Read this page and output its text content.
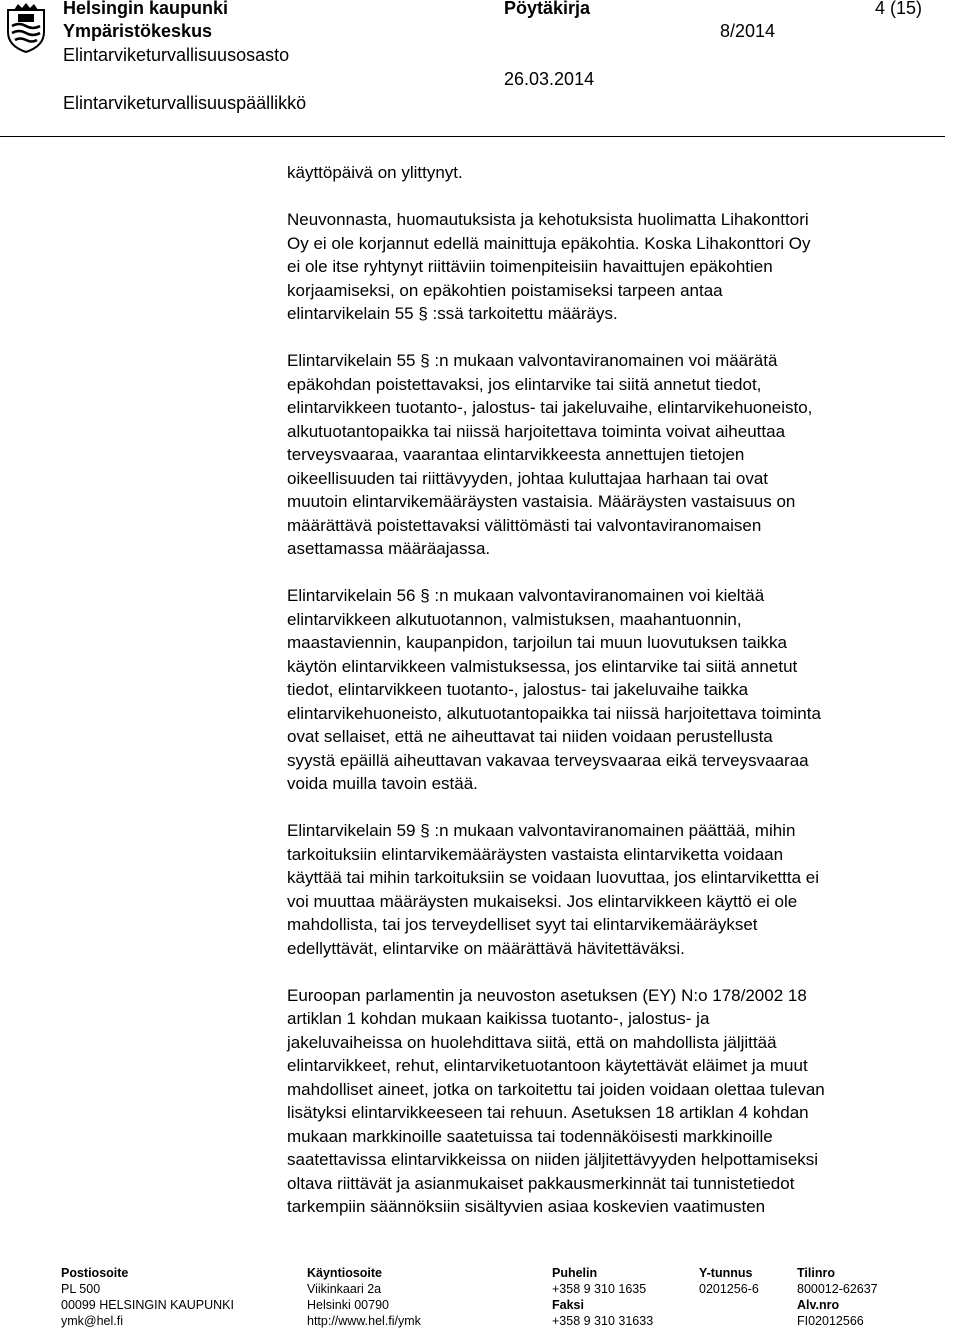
Helsingin kaupunki
Ympäristökeskus
Elintarviketurvallisuusosasto
Elintarviketurvallisuuspäällikkö
Pöytäkirja
8/2014
26.03.2014
4 (15)

käyttöpäivä on ylittynyt.

Neuvonnasta, huomautuksista ja kehotuksista huolimatta Lihakonttori
Oy ei ole korjannut edellä mainittuja epäkohtia. Koska Lihakonttori Oy
ei ole itse ryhtynyt riittäviin toimenpiteisiin havaittujen epäkohtien
korjaamiseksi, on epäkohtien poistamiseksi tarpeen antaa
elintarvikelain 55 § :ssä tarkoitettu määräys.

Elintarvikelain 55 § :n mukaan valvontaviranomainen voi määrätä
epäkohdan poistettavaksi, jos elintarvike tai siitä annetut tiedot,
elintarvikkeen tuotanto-, jalostus- tai jakeluvaihe, elintarvikehuoneisto,
alkutuotantopaikka tai niissä harjoitettava toiminta voivat aiheuttaa
terveysvaaraa, vaarantaa elintarvikkeesta annettujen tietojen
oikeellisuuden tai riittävyyden, johtaa kuluttajaa harhaan tai ovat
muutoin elintarvikemääräysten vastaisia. Määräysten vastaisuus on
määrättävä poistettavaksi välittömästi tai valvontaviranomaisen
asettamassa määräajassa.

Elintarvikelain 56 § :n mukaan valvontaviranomainen voi kieltää
elintarvikkeen alkutuotannon, valmistuksen, maahantuonnin,
maastaviennin, kaupanpidon, tarjoilun tai muun luovutuksen taikka
käytön elintarvikkeen valmistuksessa, jos elintarvike tai siitä annetut
tiedot, elintarvikkeen tuotanto-, jalostus- tai jakeluvaihe taikka
elintarvikehuoneisto, alkutuotantopaikka tai niissä harjoitettava toiminta
ovat sellaiset, että ne aiheuttavat tai niiden voidaan perustellusta
syystä epäillä aiheuttavan vakavaa terveysvaaraa eikä terveysvaaraa
voida muilla tavoin estää.

Elintarvikelain 59 § :n mukaan valvontaviranomainen päättää, mihin
tarkoituksiin elintarvikemääräysten vastaista elintarviketta voidaan
käyttää tai mihin tarkoituksiin se voidaan luovuttaa, jos elintarvikettta ei
voi muuttaa määräysten mukaiseksi. Jos elintarvikkeen käyttö ei ole
mahdollista, tai jos terveydelliset syyt tai elintarvikemääräykset
edellyttävät, elintarvike on määrättävä hävitettäväksi.

Euroopan parlamentin ja neuvoston asetuksen (EY) N:o 178/2002 18
artiklan 1 kohdan mukaan kaikissa tuotanto-, jalostus- ja
jakeluvaiheissa on huolehdittava siitä, että on mahdollista jäljittää
elintarvikkeet, rehut, elintarviketuotantoon käytettävät eläimet ja muut
mahdolliset aineet, jotka on tarkoitettu tai joiden voidaan olettaa tulevan
lisätyksi elintarvikkeeseen tai rehuun. Asetuksen 18 artiklan 4 kohdan
mukaan markkinoille saatetuissa tai todennäköisesti markkinoille
saatettavissa elintarvikkeissa on niiden jäljitettävyyden helpottamiseksi
oltava riittävät ja asianmukaiset pakkausmerkinnät tai tunnistetiedot
tarkempiin säännöksiin sisältyvien asiaa koskevien vaatimusten

Postiosoite
PL 500
00099 HELSINGIN KAUPUNKI
ymk@hel.fi
Käyntiosoite
Viikinkaari 2a
Helsinki 00790
http://www.hel.fi/ymk
Puhelin
+358 9 310 1635
Faksi
+358 9 310 31633
Y-tunnus
0201256-6
Tilinro
800012-62637
Alv.nro
FI02012566
